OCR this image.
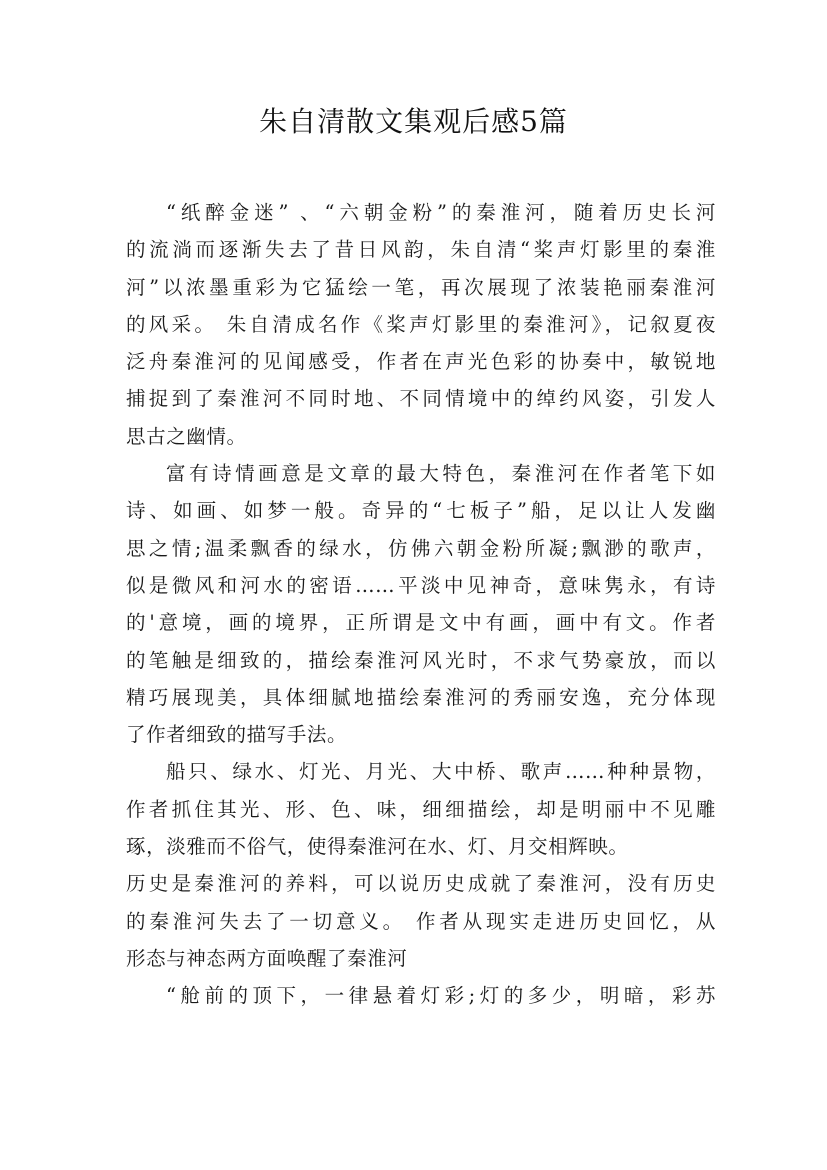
朱自清散文集观后感5篇
“纸醉金迷” 、“六朝金粉”的秦淮河，随着历史长河
的流淌而逐渐失去了昔日风韵，朱自清“桨声灯影里的秦淮
河”以浓墨重彩为它猛绘一笔，再次展现了浓装艳丽秦淮河
的风采。 朱自清成名作《桨声灯影里的秦淮河》，记叙夏夜
泛舟秦淮河的见闻感受，作者在声光色彩的协奏中，敏锐地
捕捉到了秦淮河不同时地、不同情境中的绰约风姿，引发人
思古之幽情。
富有诗情画意是文章的最大特色，秦淮河在作者笔下如
诗、如画、如梦一般。奇异的“七板子”船，足以让人发幽
思之情;温柔飘香的绿水，仿佛六朝金粉所凝;飘渺的歌声，
似是微风和河水的密语……平淡中见神奇，意味隽永，有诗
的'意境，画的境界，正所谓是文中有画，画中有文。作者
的笔触是细致的，描绘秦淮河风光时，不求气势豪放，而以
精巧展现美，具体细腻地描绘秦淮河的秀丽安逸，充分体现
了作者细致的描写手法。
船只、绿水、灯光、月光、大中桥、歌声……种种景物，
作者抓住其光、形、色、味，细细描绘，却是明丽中不见雕
琢，淡雅而不俗气，使得秦淮河在水、灯、月交相辉映。
历史是秦淮河的养料，可以说历史成就了秦淮河，没有历史
的秦淮河失去了一切意义。 作者从现实走进历史回忆，从
形态与神态两方面唤醒了秦淮河
“舱前的顶下，一律悬着灯彩;灯的多少，明暗，彩苏
